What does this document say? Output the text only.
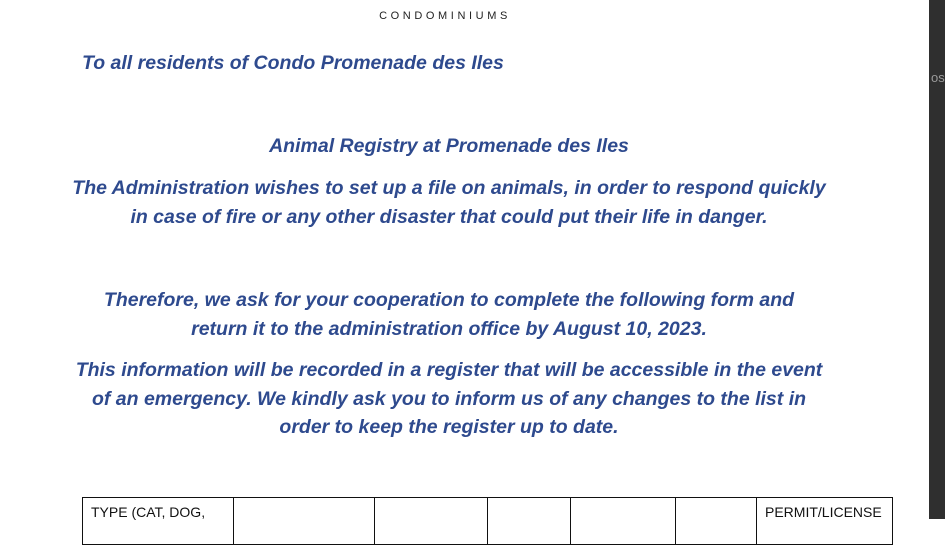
CONDOMINIUMS
To all residents of Condo Promenade des Iles
Animal Registry at Promenade des Iles
The Administration wishes to set up a file on animals, in order to respond quickly
in case of fire or any other disaster that could put their life in danger.
Therefore, we ask for your cooperation to complete the following form and
return it to the administration office by August 10, 2023.
This information will be recorded in a register that will be accessible in the event
of an emergency. We kindly ask you to inform us of any changes to the list in
order to keep the register up to date.
TYPE (CAT, DOG,						PERMIT/LICENSE
os
